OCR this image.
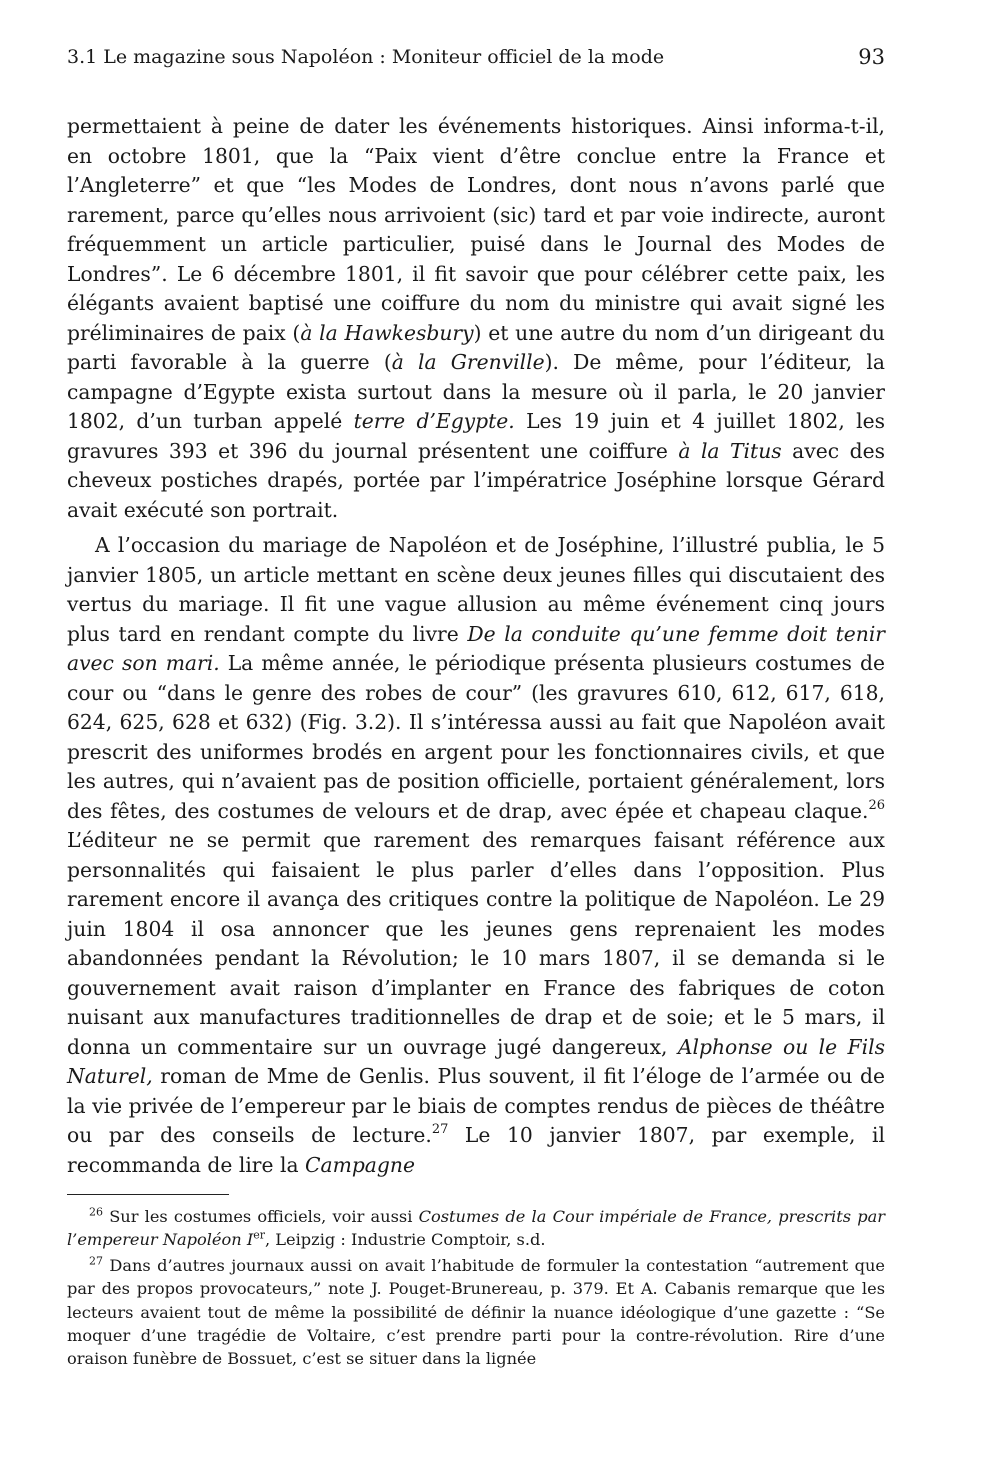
3.1 Le magazine sous Napoléon : Moniteur officiel de la mode	93

permettaient à peine de dater les événements historiques. Ainsi informa-t-il, en octobre 1801, que la “Paix vient d’être conclue entre la France et l’Angleterre” et que “les Modes de Londres, dont nous n’avons parlé que rarement, parce qu’elles nous arrivoient (sic) tard et par voie indirecte, auront fréquemment un article particulier, puisé dans le Journal des Modes de Londres”. Le 6 décembre 1801, il fit savoir que pour célébrer cette paix, les élégants avaient baptisé une coiffure du nom du ministre qui avait signé les préliminaires de paix (à la Hawkesbury) et une autre du nom d’un dirigeant du parti favorable à la guerre (à la Grenville). De même, pour l’éditeur, la campagne d’Egypte exista surtout dans la mesure où il parla, le 20 janvier 1802, d’un turban appelé terre d’Egypte. Les 19 juin et 4 juillet 1802, les gravures 393 et 396 du journal présentent une coiffure à la Titus avec des cheveux postiches drapés, portée par l’impératrice Joséphine lorsque Gérard avait exécuté son portrait.

A l’occasion du mariage de Napoléon et de Joséphine, l’illustré publia, le 5 janvier 1805, un article mettant en scène deux jeunes filles qui discutaient des vertus du mariage. Il fit une vague allusion au même événement cinq jours plus tard en rendant compte du livre De la conduite qu’une femme doit tenir avec son mari. La même année, le périodique présenta plusieurs costumes de cour ou “dans le genre des robes de cour” (les gravures 610, 612, 617, 618, 624, 625, 628 et 632) (Fig. 3.2). Il s’intéressa aussi au fait que Napoléon avait prescrit des uniformes brodés en argent pour les fonctionnaires civils, et que les autres, qui n’avaient pas de position officielle, portaient généralement, lors des fêtes, des costumes de velours et de drap, avec épée et chapeau claque.$^{26}$ L’éditeur ne se permit que rarement des remarques faisant référence aux personnalités qui faisaient le plus parler d’elles dans l’opposition. Plus rarement encore il avança des critiques contre la politique de Napoléon. Le 29 juin 1804 il osa annoncer que les jeunes gens reprenaient les modes abandonnées pendant la Révolution; le 10 mars 1807, il se demanda si le gouvernement avait raison d’implanter en France des fabriques de coton nuisant aux manufactures traditionnelles de drap et de soie; et le 5 mars, il donna un commentaire sur un ouvrage jugé dangereux, Alphonse ou le Fils Naturel, roman de Mme de Genlis. Plus souvent, il fit l’éloge de l’armée ou de la vie privée de l’empereur par le biais de comptes rendus de pièces de théâtre ou par des conseils de lecture.$^{27}$ Le 10 janvier 1807, par exemple, il recommanda de lire la Campagne

$^{26}$ Sur les costumes officiels, voir aussi Costumes de la Cour impériale de France, prescrits par l’empereur Napoléon Ier, Leipzig : Industrie Comptoir, s.d.

$^{27}$ Dans d’autres journaux aussi on avait l’habitude de formuler la contestation “autrement que par des propos provocateurs,” note J. Pouget-Brunereau, p. 379. Et A. Cabanis remarque que les lecteurs avaient tout de même la possibilité de définir la nuance idéologique d’une gazette : “Se moquer d’une tragédie de Voltaire, c’est prendre parti pour la contre-révolution. Rire d’une oraison funèbre de Bossuet, c’est se situer dans la lignée
